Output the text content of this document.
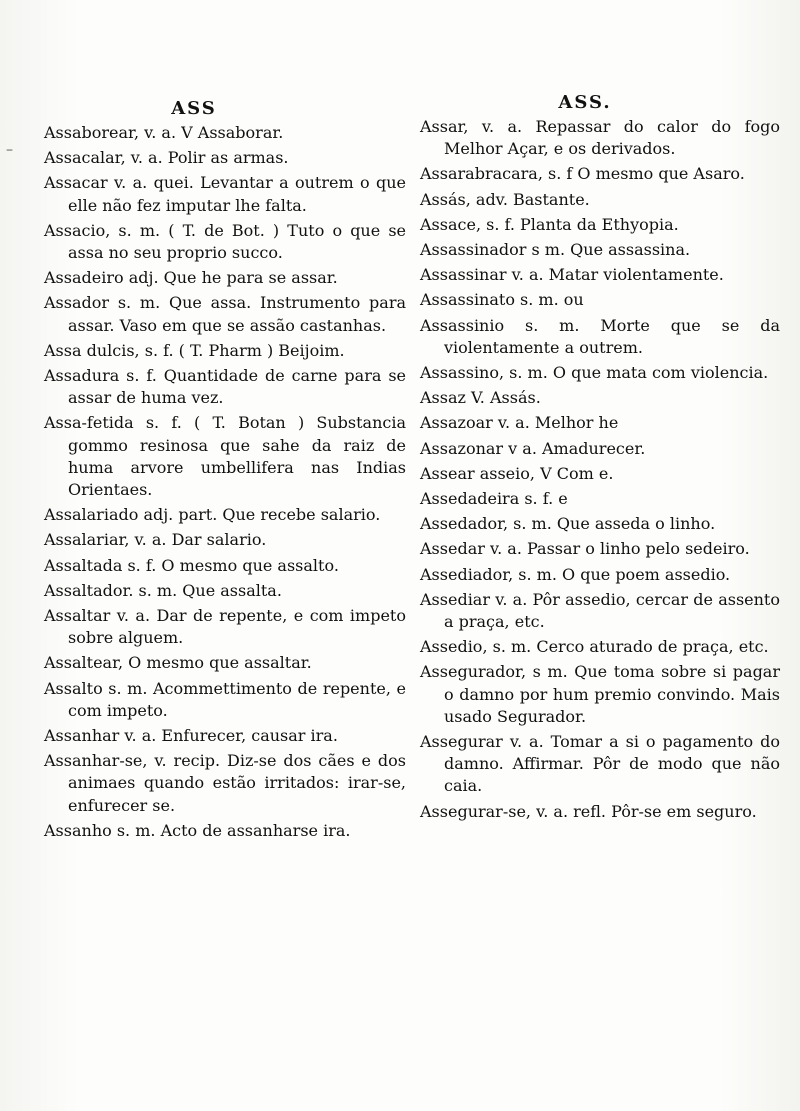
–
ASS
Assaborear, v. a. V Assaborar.
Assacalar, v. a. Polir as armas.
Assacar v. a. quei. Levantar a outrem o que elle não fez imputar lhe falta.
Assacio, s. m. ( T. de Bot. ) Tuto o que se assa no seu proprio succo.
Assadeiro adj. Que he para se assar.
Assador s. m. Que assa. Instrumento para assar. Vaso em que se assão castanhas.
Assa dulcis, s. f. ( T. Pharm ) Beijoim.
Assadura s. f. Quantidade de carne para se assar de huma vez.
Assa-fetida s. f. ( T. Botan ) Substancia gommo resinosa que sahe da raiz de huma arvore umbellifera nas Indias Orientaes.
Assalariado adj. part. Que recebe salario.
Assalariar, v. a. Dar salario.
Assaltada s. f. O mesmo que assalto.
Assaltador. s. m. Que assalta.
Assaltar v. a. Dar de repente, e com impeto sobre alguem.
Assaltear, O mesmo que assaltar.
Assalto s. m. Acommettimento de repente, e com impeto.
Assanhar v. a. Enfurecer, causar ira.
Assanhar-se, v. recip. Diz-se dos cães e dos animaes quando estão irritados: irar-se, enfurecer se.
Assanho s. m. Acto de assanharse ira.
ASS.
Assar, v. a. Repassar do calor do fogo Melhor Açar, e os derivados.
Assarabracara, s. f O mesmo que Asaro.
Assás, adv. Bastante.
Assace, s. f. Planta da Ethyopia.
Assassinador s m. Que assassina.
Assassinar v. a. Matar violentamente.
Assassinato s. m. ou
Assassinio s. m. Morte que se da violentamente a outrem.
Assassino, s. m. O que mata com violencia.
Assaz V. Assás.
Assazoar v. a. Melhor he
Assazonar v a. Amadurecer.
Assear asseio, V Com e.
Assedadeira s. f. e
Assedador, s. m. Que asseda o linho.
Assedar v. a. Passar o linho pelo sedeiro.
Assediador, s. m. O que poem assedio.
Assediar v. a. Pôr assedio, cercar de assento a praça, etc.
Assedio, s. m. Cerco aturado de praça, etc.
Assegurador, s m. Que toma sobre si pagar o damno por hum premio convindo. Mais usado Segurador.
Assegurar v. a. Tomar a si o pagamento do damno. Affirmar. Pôr de modo que não caia.
Assegurar-se, v. a. refl. Pôr-se em seguro.
